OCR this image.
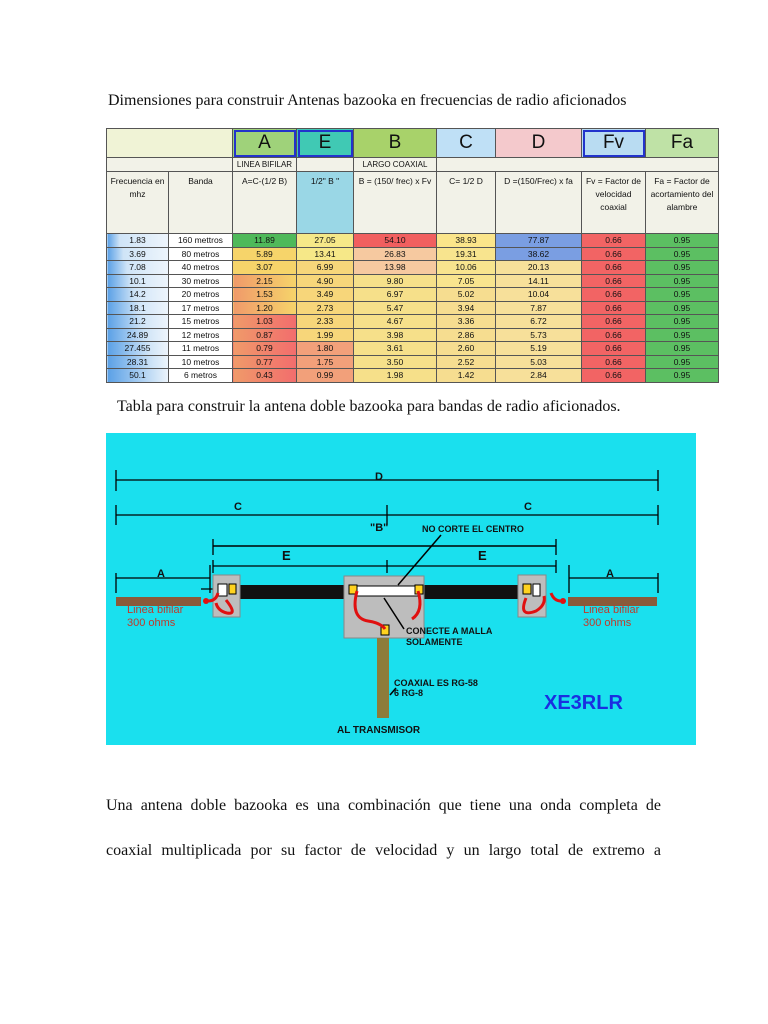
Dimensiones para construir Antenas bazooka en frecuencias de radio aficionados
		A	E	B	C	D	Fv	Fa
		LINEA BIFILAR		LARGO COAXIAL				
Frecuencia en mhz	Banda	A=C-(1/2 B)	1/2" B "	B = (150/ frec) x Fv	C= 1/2 D	D =(150/Frec) x fa	Fv = Factor de velocidad coaxial	Fa = Factor de acortamiento del alambre
1.83	160 mettros	11.89	27.05	54.10	38.93	77.87	0.66	0.95
3.69	80 metros	5.89	13.41	26.83	19.31	38.62	0.66	0.95
7.08	40 metros	3.07	6.99	13.98	10.06	20.13	0.66	0.95
10.1	30 metros	2.15	4.90	9.80	7.05	14.11	0.66	0.95
14.2	20 metros	1.53	3.49	6.97	5.02	10.04	0.66	0.95
18.1	17 metros	1.20	2.73	5.47	3.94	7.87	0.66	0.95
21.2	15 metros	1.03	2.33	4.67	3.36	6.72	0.66	0.95
24.89	12 metros	0.87	1.99	3.98	2.86	5.73	0.66	0.95
27.455	11 metros	0.79	1.80	3.61	2.60	5.19	0.66	0.95
28.31	10 metros	0.77	1.75	3.50	2.52	5.03	0.66	0.95
50.1	6 metros	0.43	0.99	1.98	1.42	2.84	0.66	0.95
Tabla para construir la antena doble bazooka para bandas de radio aficionados.
D
C	C
"B"
E	E
A	A
NO CORTE EL CENTRO
CONECTE A MALLA
SOLAMENTE
COAXIAL ES RG-58
6 RG-8
AL TRANSMISOR
Linea bifilar
300 ohms
Linea bifilar
300 ohms
XE3RLR
Una antena doble bazooka es una combinación que tiene una onda completa de
coaxial multiplicada por su factor de velocidad y un largo total de extremo a
